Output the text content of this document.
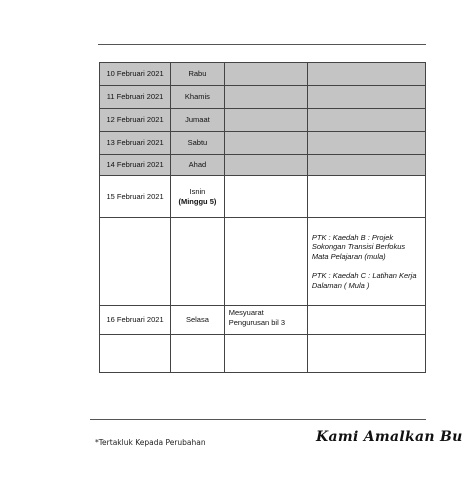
10 Februari 2021	Rabu		

11 Februari 2021	Khamis		

12 Februari 2021	Jumaat		

13 Februari 2021	Sabtu		

14 Februari 2021	Ahad		

15 Februari 2021	Isnin
(Minggu 5)		

			PTK : Kaedah B : Projek Sokongan Transisi Berfokus Mata Pelajaran (mula)

PTK : Kaedah C : Latihan Kerja Dalaman ( Mula )

16 Februari 2021	Selasa	Mesyuarat Pengurusan bil 3	

*Tertakluk Kepada Perubahan	Kami Amalkan Bu
